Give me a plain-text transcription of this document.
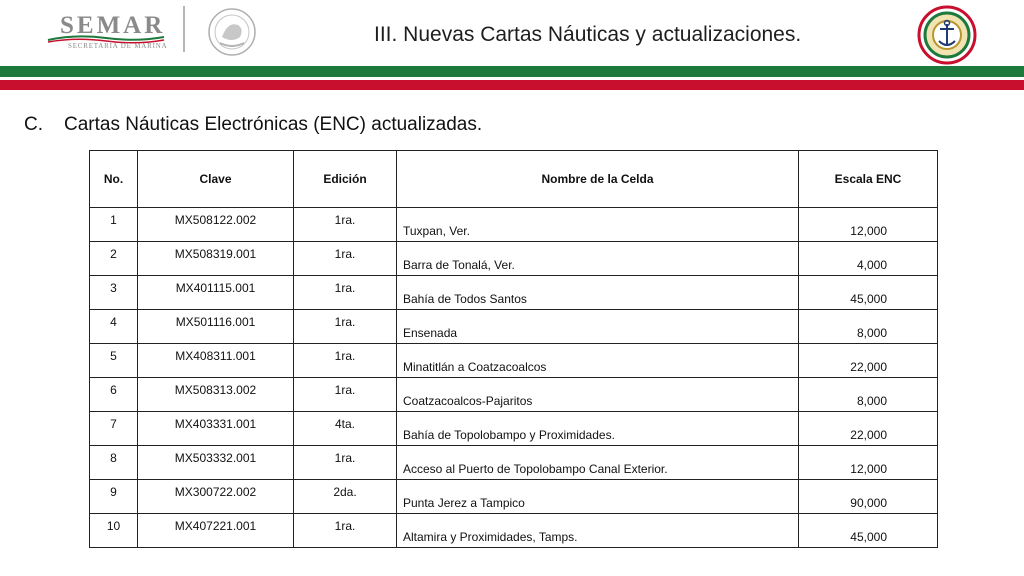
SEMAR
SECRETARÍA DE MARINA	III. Nuevas Cartas Náuticas y actualizaciones.
C. Cartas Náuticas Electrónicas (ENC) actualizadas.
No.	Clave	Edición	Nombre de la Celda	Escala ENC
1	MX508122.002	1ra.	Tuxpan, Ver.	12,000
2	MX508319.001	1ra.	Barra de Tonalá, Ver.	4,000
3	MX401115.001	1ra.	Bahía de Todos Santos	45,000
4	MX501116.001	1ra.	Ensenada	8,000
5	MX408311.001	1ra.	Minatitlán a Coatzacoalcos	22,000
6	MX508313.002	1ra.	Coatzacoalcos-Pajaritos	8,000
7	MX403331.001	4ta.	Bahía de Topolobampo y Proximidades.	22,000
8	MX503332.001	1ra.	Acceso al Puerto de Topolobampo Canal Exterior.	12,000
9	MX300722.002	2da.	Punta Jerez a Tampico	90,000
10	MX407221.001	1ra.	Altamira y Proximidades, Tamps.	45,000
